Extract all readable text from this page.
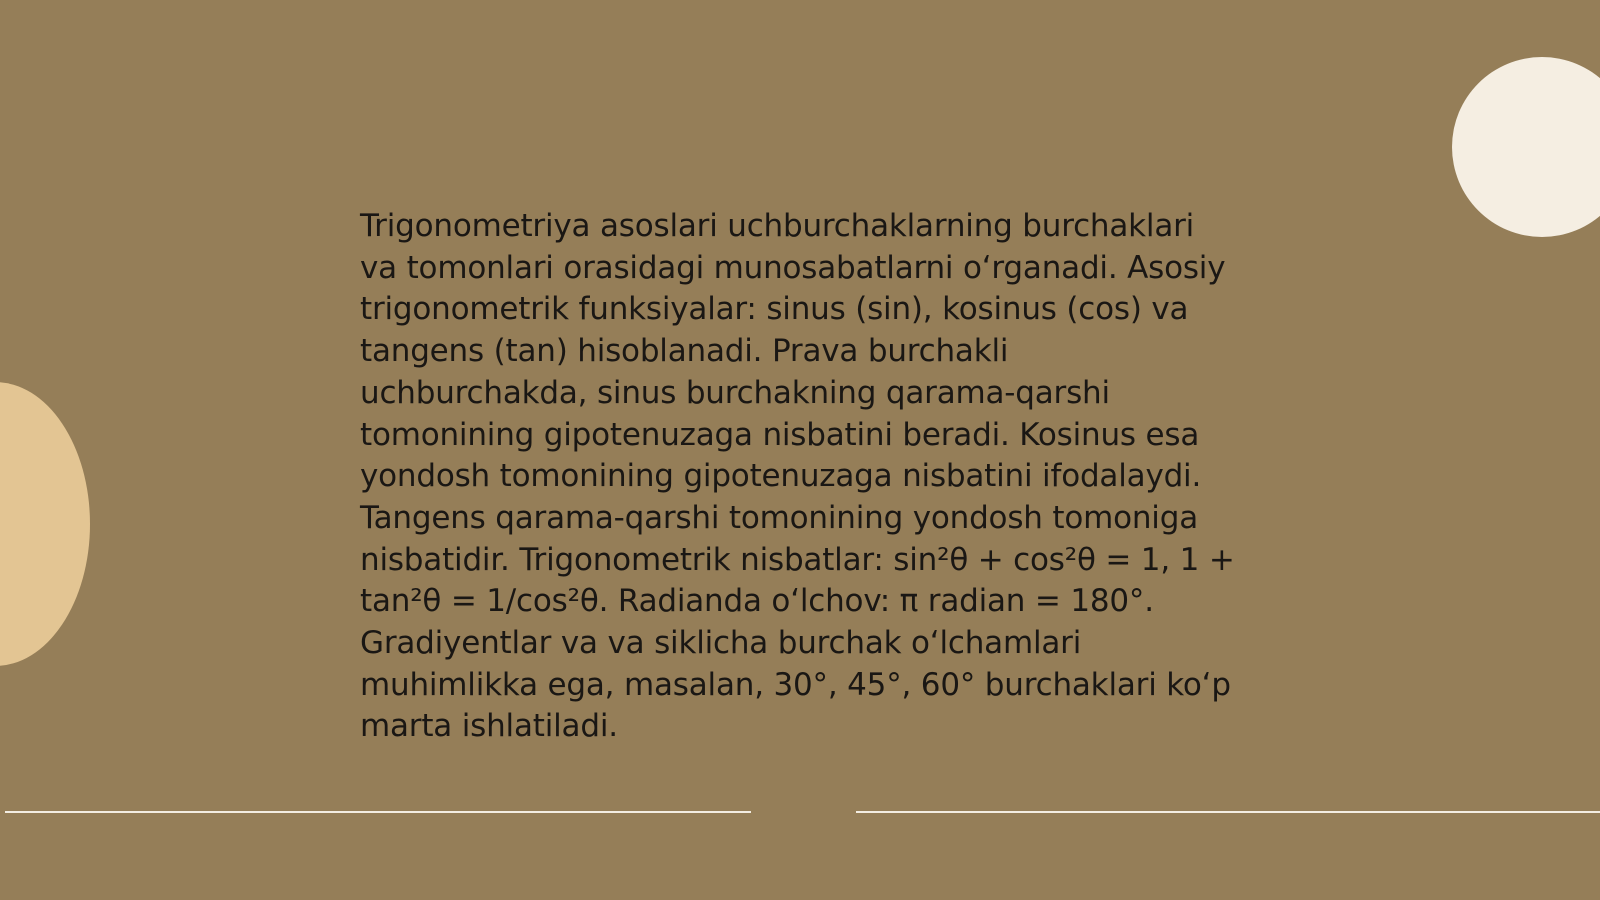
Trigonometriya asoslari uchburchaklarning burchaklari va tomonlari orasidagi munosabatlarni o‘rganadi. Asosiy trigonometrik funksiyalar: sinus (sin), kosinus (cos) va tangens (tan) hisoblanadi. Prava burchakli uchburchakda, sinus burchakning qarama-qarshi tomonining gipotenuzaga nisbatini beradi. Kosinus esa yondosh tomonining gipotenuzaga nisbatini ifodalaydi. Tangens qarama-qarshi tomonining yondosh tomoniga nisbatidir. Trigonometrik nisbatlar: sin²θ + cos²θ = 1, 1 + tan²θ = 1/cos²θ. Radianda o‘lchov: π radian = 180°. Gradiyentlar va va siklicha burchak o‘lchamlari muhimlikka ega, masalan, 30°, 45°, 60° burchaklari ko‘p marta ishlatiladi.
